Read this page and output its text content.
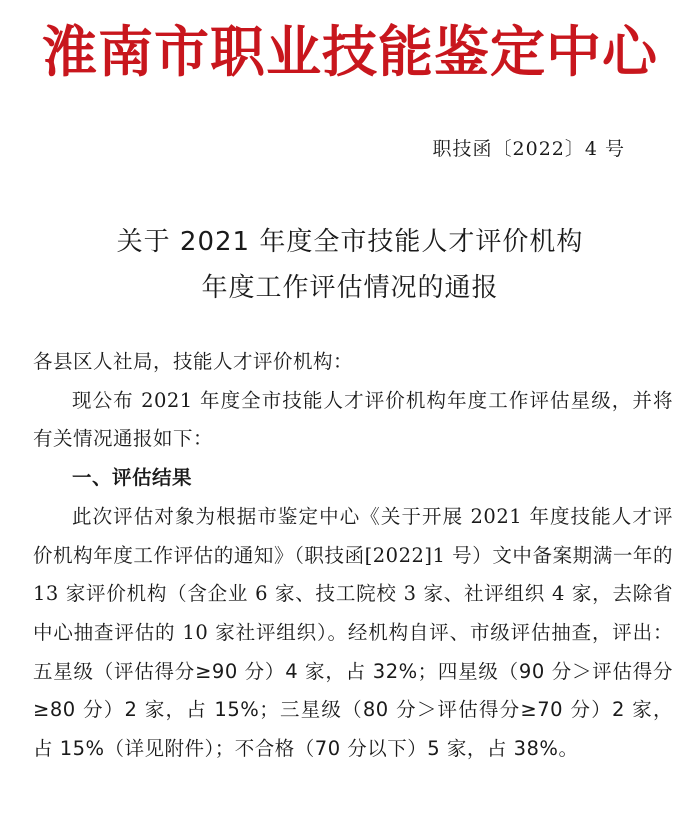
淮南市职业技能鉴定中心
职技函〔2022〕4 号
关于 2021 年度全市技能人才评价机构
年度工作评估情况的通报

各县区人社局，技能人才评价机构：

现公布 2021 年度全市技能人才评价机构年度工作评估星级，并将有关情况通报如下：

一、评估结果

此次评估对象为根据市鉴定中心《关于开展 2021 年度技能人才评价机构年度工作评估的通知》（职技函[2022]1 号）文中备案期满一年的 13 家评价机构（含企业 6 家、技工院校 3 家、社评组织 4 家，去除省中心抽查评估的 10 家社评组织）。经机构自评、市级评估抽查，评出：五星级（评估得分≥90 分）4 家，占 32%；四星级（90 分＞评估得分≥80 分）2 家，占 15%；三星级（80 分＞评估得分≥70 分）2 家，占 15%（详见附件）；不合格（70 分以下）5 家，占 38%。
